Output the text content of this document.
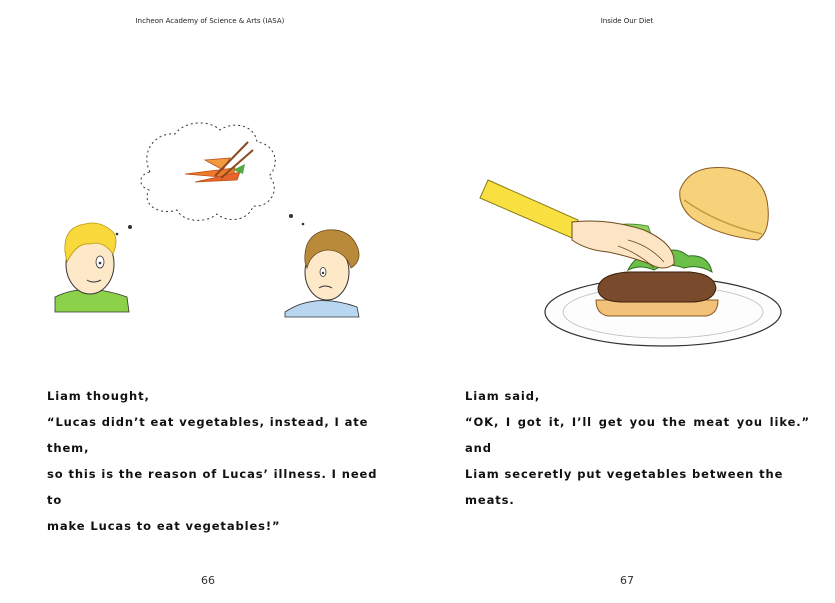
Incheon Academy of Science & Arts (IASA)

Liam thought,

“Lucas didn’t eat vegetables, instead, I ate them,

so this is the reason of Lucas’ illness. I need to

make Lucas to eat vegetables!”

66
Inside Our Diet

Liam said,

“OK, I got it, I’ll get you the meat you like.” and

Liam seceretly put vegetables between the

meats.

67
